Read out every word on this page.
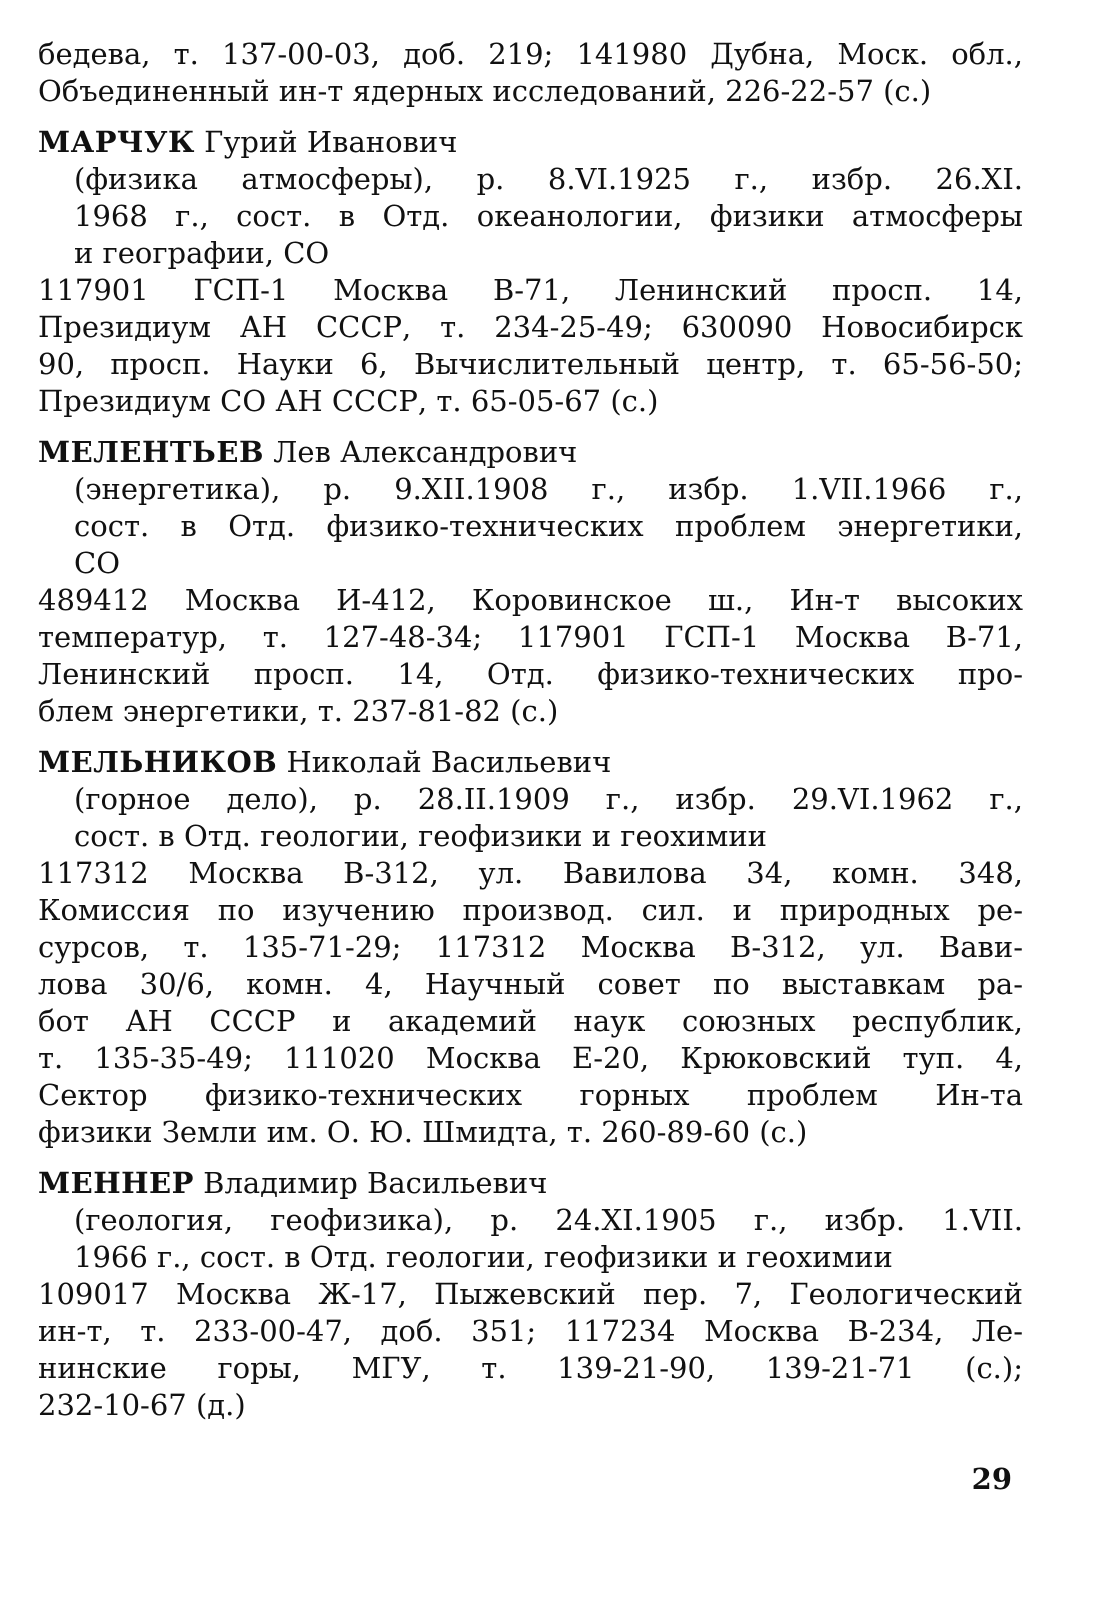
бедева, т. 137-00-03, доб. 219; 141980 Дубна, Моск. обл.,
Объединенный ин-т ядерных исследований, 226-22-57 (с.)
МАРЧУК Гурий Иванович
(физика атмосферы), р. 8.VI.1925 г., избр. 26.XI.
1968 г., сост. в Отд. океанологии, физики атмосферы
и географии, СО
117901 ГСП-1 Москва В-71, Ленинский просп. 14,
Президиум АН СССР, т. 234-25-49; 630090 Новосибирск
90, просп. Науки 6, Вычислительный центр, т. 65-56-50;
Президиум СО АН СССР, т. 65-05-67 (с.)
МЕЛЕНТЬЕВ Лев Александрович
(энергетика), р. 9.XII.1908 г., избр. 1.VII.1966 г.,
сост. в Отд. физико-технических проблем энергетики,
СО
489412 Москва И-412, Коровинское ш., Ин-т высоких
температур, т. 127-48-34; 117901 ГСП-1 Москва В-71,
Ленинский просп. 14, Отд. физико-технических про-
блем энергетики, т. 237-81-82 (с.)
МЕЛЬНИКОВ Николай Васильевич
(горное дело), р. 28.II.1909 г., избр. 29.VI.1962 г.,
сост. в Отд. геологии, геофизики и геохимии
117312 Москва В-312, ул. Вавилова 34, комн. 348,
Комиссия по изучению производ. сил. и природных ре-
сурсов, т. 135-71-29; 117312 Москва В-312, ул. Вави-
лова 30/6, комн. 4, Научный совет по выставкам ра-
бот АН СССР и академий наук союзных республик,
т. 135-35-49; 111020 Москва Е-20, Крюковский туп. 4,
Сектор физико-технических горных проблем Ин-та
физики Земли им. О. Ю. Шмидта, т. 260-89-60 (с.)
МЕННЕР Владимир Васильевич
(геология, геофизика), р. 24.XI.1905 г., избр. 1.VII.
1966 г., сост. в Отд. геологии, геофизики и геохимии
109017 Москва Ж-17, Пыжевский пер. 7, Геологический
ин-т, т. 233-00-47, доб. 351; 117234 Москва В-234, Ле-
нинские горы, МГУ, т. 139-21-90, 139-21-71 (с.);
232-10-67 (д.)
29
